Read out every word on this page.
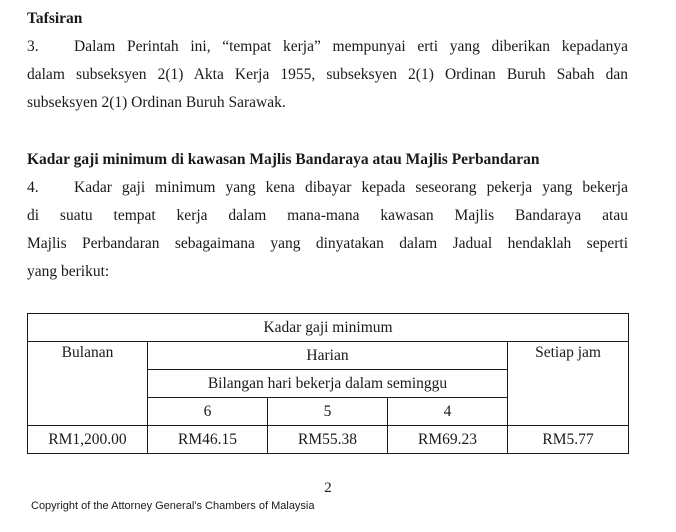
Tafsiran
3. Dalam Perintah ini, “tempat kerja” mempunyai erti yang diberikan kepadanya
dalam subseksyen 2(1) Akta Kerja 1955, subseksyen 2(1) Ordinan Buruh Sabah dan
subseksyen 2(1) Ordinan Buruh Sarawak.
Kadar gaji minimum di kawasan Majlis Bandaraya atau Majlis Perbandaran
4. Kadar gaji minimum yang kena dibayar kepada seseorang pekerja yang bekerja
di suatu tempat kerja dalam mana-mana kawasan Majlis Bandaraya atau
Majlis Perbandaran sebagaimana yang dinyatakan dalam Jadual hendaklah seperti
yang berikut:
Kadar gaji minimum				
Bulanan	Harian			Setiap jam
	Bilangan hari bekerja dalam seminggu			
	6	5	4	
RM1,200.00	RM46.15	RM55.38	RM69.23	RM5.77
2
Copyright of the Attorney General’s Chambers of Malaysia
